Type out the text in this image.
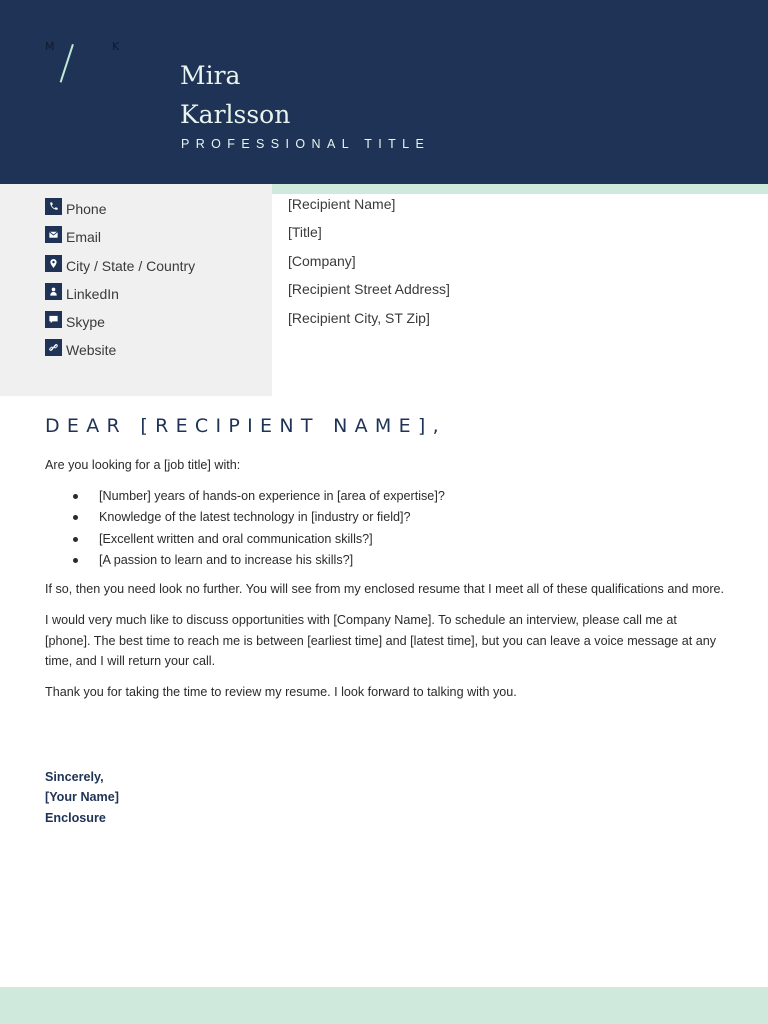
M	K
Mira
Karlsson
PROFESSIONAL TITLE
Phone
Email
City / State / Country
LinkedIn
Skype
Website
[Recipient Name]
[Title]
[Company]
[Recipient Street Address]
[Recipient City, ST Zip]
DEAR [RECIPIENT NAME],

Are you looking for a [job title] with:

[Number] years of hands-on experience in [area of expertise]?
Knowledge of the latest technology in [industry or field]?
[Excellent written and oral communication skills?]
[A passion to learn and to increase his skills?]

If so, then you need look no further. You will see from my enclosed resume that I meet all of these qualifications and more.

I would very much like to discuss opportunities with [Company Name]. To schedule an interview, please call me at [phone]. The best time to reach me is between [earliest time] and [latest time], but you can leave a voice message at any time, and I will return your call.

Thank you for taking the time to review my resume. I look forward to talking with you.

Sincerely,
[Your Name]
Enclosure
